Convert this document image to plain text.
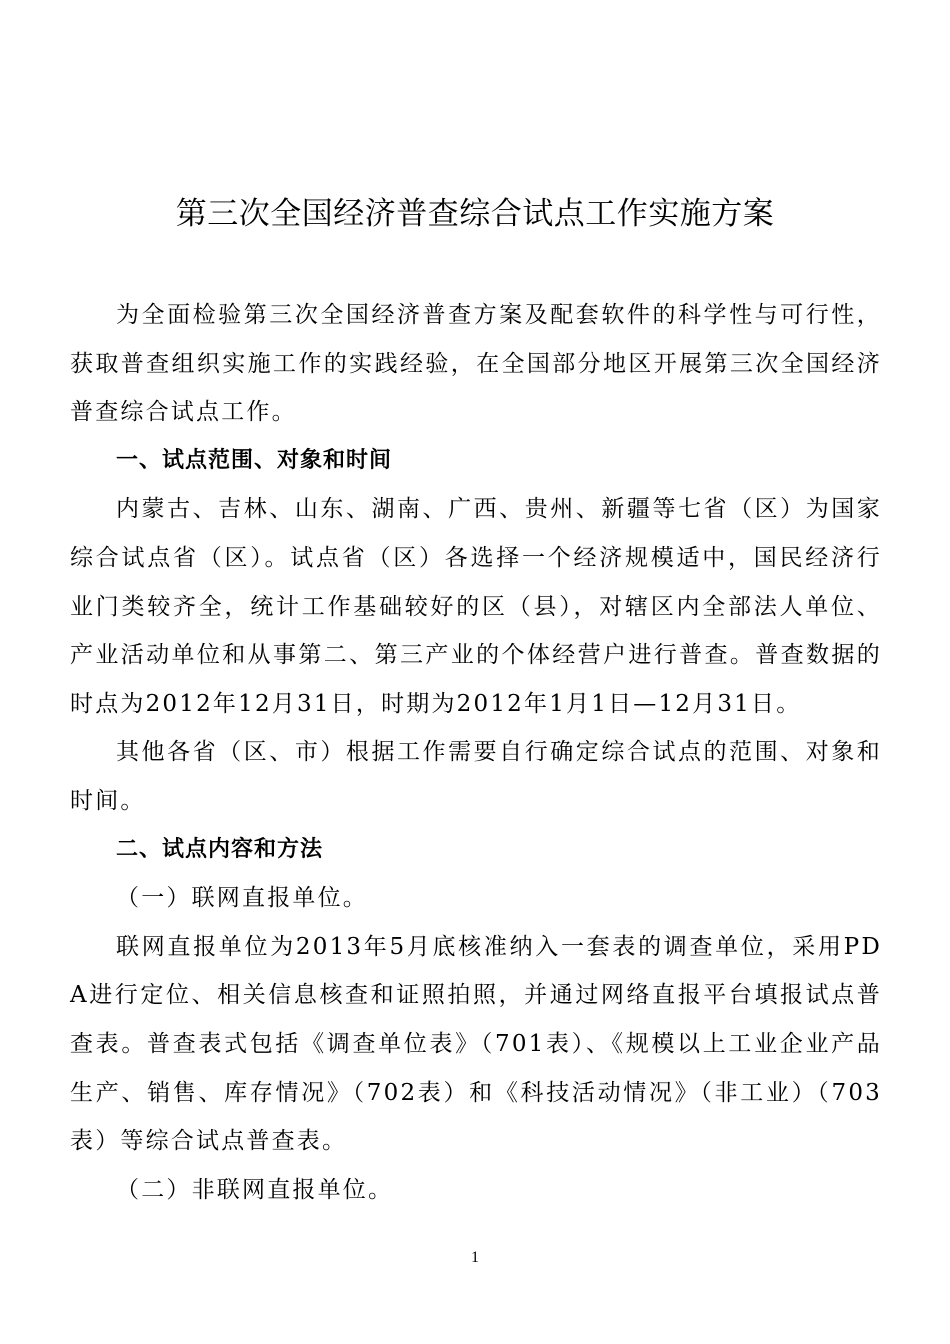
第三次全国经济普查综合试点工作实施方案

为全面检验第三次全国经济普查方案及配套软件的科学性与可行性，获取普查组织实施工作的实践经验，在全国部分地区开展第三次全国经济普查综合试点工作。

一、试点范围、对象和时间

内蒙古、吉林、山东、湖南、广西、贵州、新疆等七省（区）为国家综合试点省（区）。试点省（区）各选择一个经济规模适中，国民经济行业门类较齐全，统计工作基础较好的区（县），对辖区内全部法人单位、产业活动单位和从事第二、第三产业的个体经营户进行普查。普查数据的时点为2012年12月31日，时期为2012年1月1日—12月31日。

其他各省（区、市）根据工作需要自行确定综合试点的范围、对象和时间。

二、试点内容和方法

（一）联网直报单位。

联网直报单位为2013年5月底核准纳入一套表的调查单位，采用PDA进行定位、相关信息核查和证照拍照，并通过网络直报平台填报试点普查表。普查表式包括《调查单位表》（701表）、《规模以上工业企业产品生产、销售、库存情况》（702表）和《科技活动情况》（非工业）（703表）等综合试点普查表。

（二）非联网直报单位。

1
